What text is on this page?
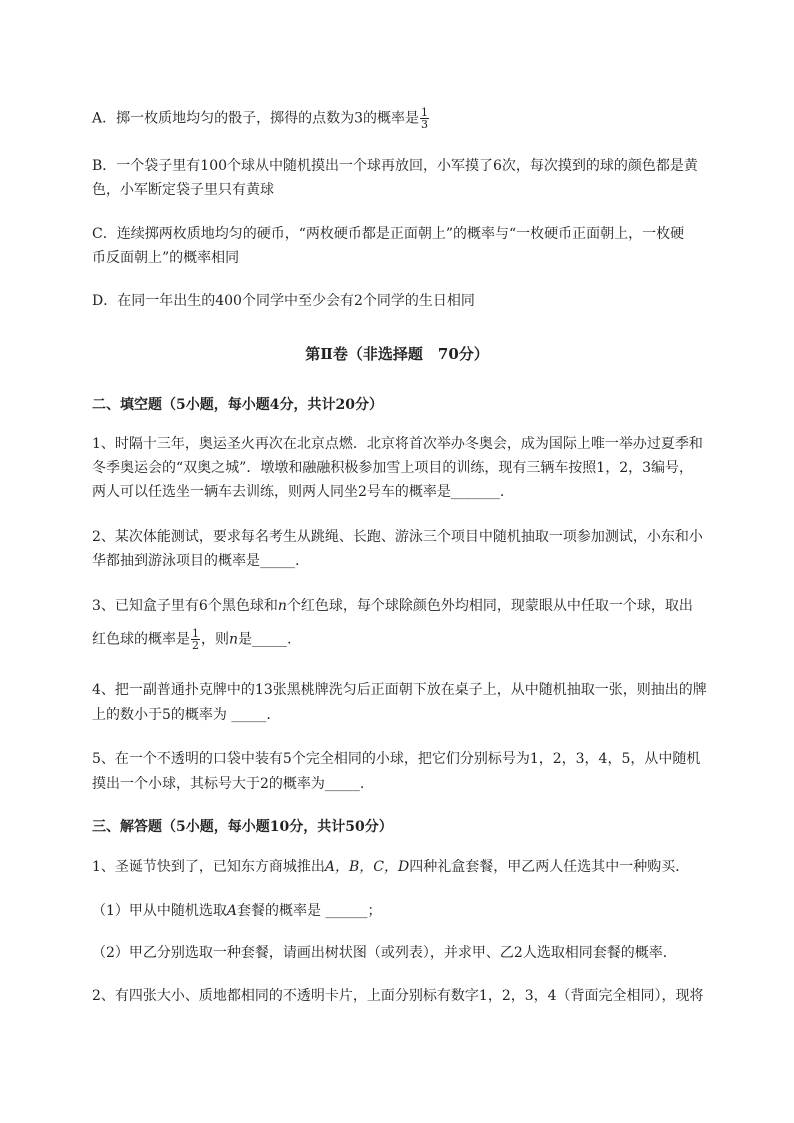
A．掷一枚质地均匀的骰子，掷得的点数为3的概率是 $\frac{1}{3}$
B．一个袋子里有100个球从中随机摸出一个球再放回，小军摸了6次，每次摸到的球的颜色都是黄
色，小军断定袋子里只有黄球
C．连续掷两枚质地均匀的硬币，“两枚硬币都是正面朝上”的概率与“一枚硬币正面朝上，一枚硬
币反面朝上”的概率相同
D．在同一年出生的400个同学中至少会有2个同学的生日相同
第Ⅱ卷（非选择题　70分）
二、填空题（5小题，每小题4分，共计20分）
1、时隔十三年，奥运圣火再次在北京点燃．北京将首次举办冬奥会，成为国际上唯一举办过夏季和
冬季奥运会的“双奥之城”．墩墩和融融积极参加雪上项目的训练，现有三辆车按照1，2，3编号，
两人可以任选坐一辆车去训练，则两人同坐2号车的概率是_______.
2、某次体能测试，要求每名考生从跳绳、长跑、游泳三个项目中随机抽取一项参加测试，小东和小
华都抽到游泳项目的概率是_____.
3、已知盒子里有6个黑色球和n个红色球，每个球除颜色外均相同，现蒙眼从中任取一个球，取出
红色球的概率是 $\frac{1}{2}$ ，则n是_____.
4、把一副普通扑克牌中的13张黑桃牌洗匀后正面朝下放在桌子上，从中随机抽取一张，则抽出的牌
上的数小于5的概率为 _____.
5、在一个不透明的口袋中装有5个完全相同的小球，把它们分别标号为1，2，3，4，5，从中随机
摸出一个小球，其标号大于2的概率为_____.
三、解答题（5小题，每小题10分，共计50分）
1、圣诞节快到了，已知东方商城推出A，B，C，D四种礼盒套餐，甲乙两人任选其中一种购买．
（1）甲从中随机选取A套餐的概率是 ______；
（2）甲乙分别选取一种套餐，请画出树状图（或列表），并求甲、乙2人选取相同套餐的概率．
2、有四张大小、质地都相同的不透明卡片，上面分别标有数字1，2，3，4（背面完全相同），现将
